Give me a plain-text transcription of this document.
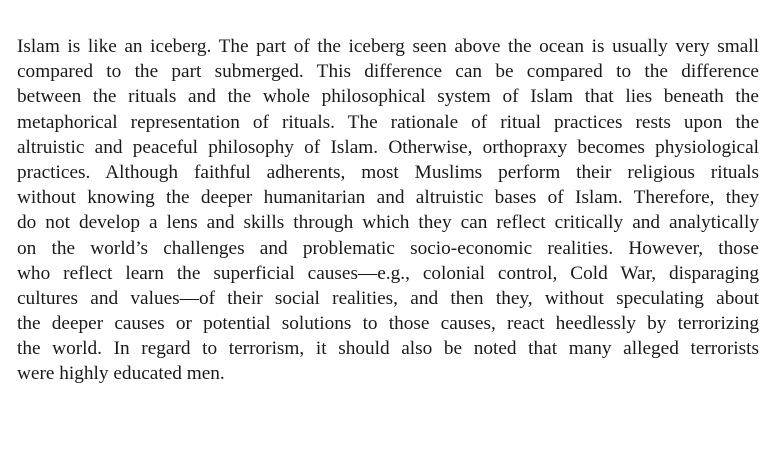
Islam is like an iceberg. The part of the iceberg seen above the ocean is usually very small
compared to the part submerged. This difference can be compared to the difference
between the rituals and the whole philosophical system of Islam that lies beneath the
metaphorical representation of rituals. The rationale of ritual practices rests upon the
altruistic and peaceful philosophy of Islam. Otherwise, orthopraxy becomes physiological
practices. Although faithful adherents, most Muslims perform their religious rituals
without knowing the deeper humanitarian and altruistic bases of Islam. Therefore, they
do not develop a lens and skills through which they can reflect critically and analytically
on the world’s challenges and problematic socio-economic realities. However, those
who reflect learn the superficial causes—e.g., colonial control, Cold War, disparaging
cultures and values—of their social realities, and then they, without speculating about
the deeper causes or potential solutions to those causes, react heedlessly by terrorizing
the world. In regard to terrorism, it should also be noted that many alleged terrorists
were highly educated men.
